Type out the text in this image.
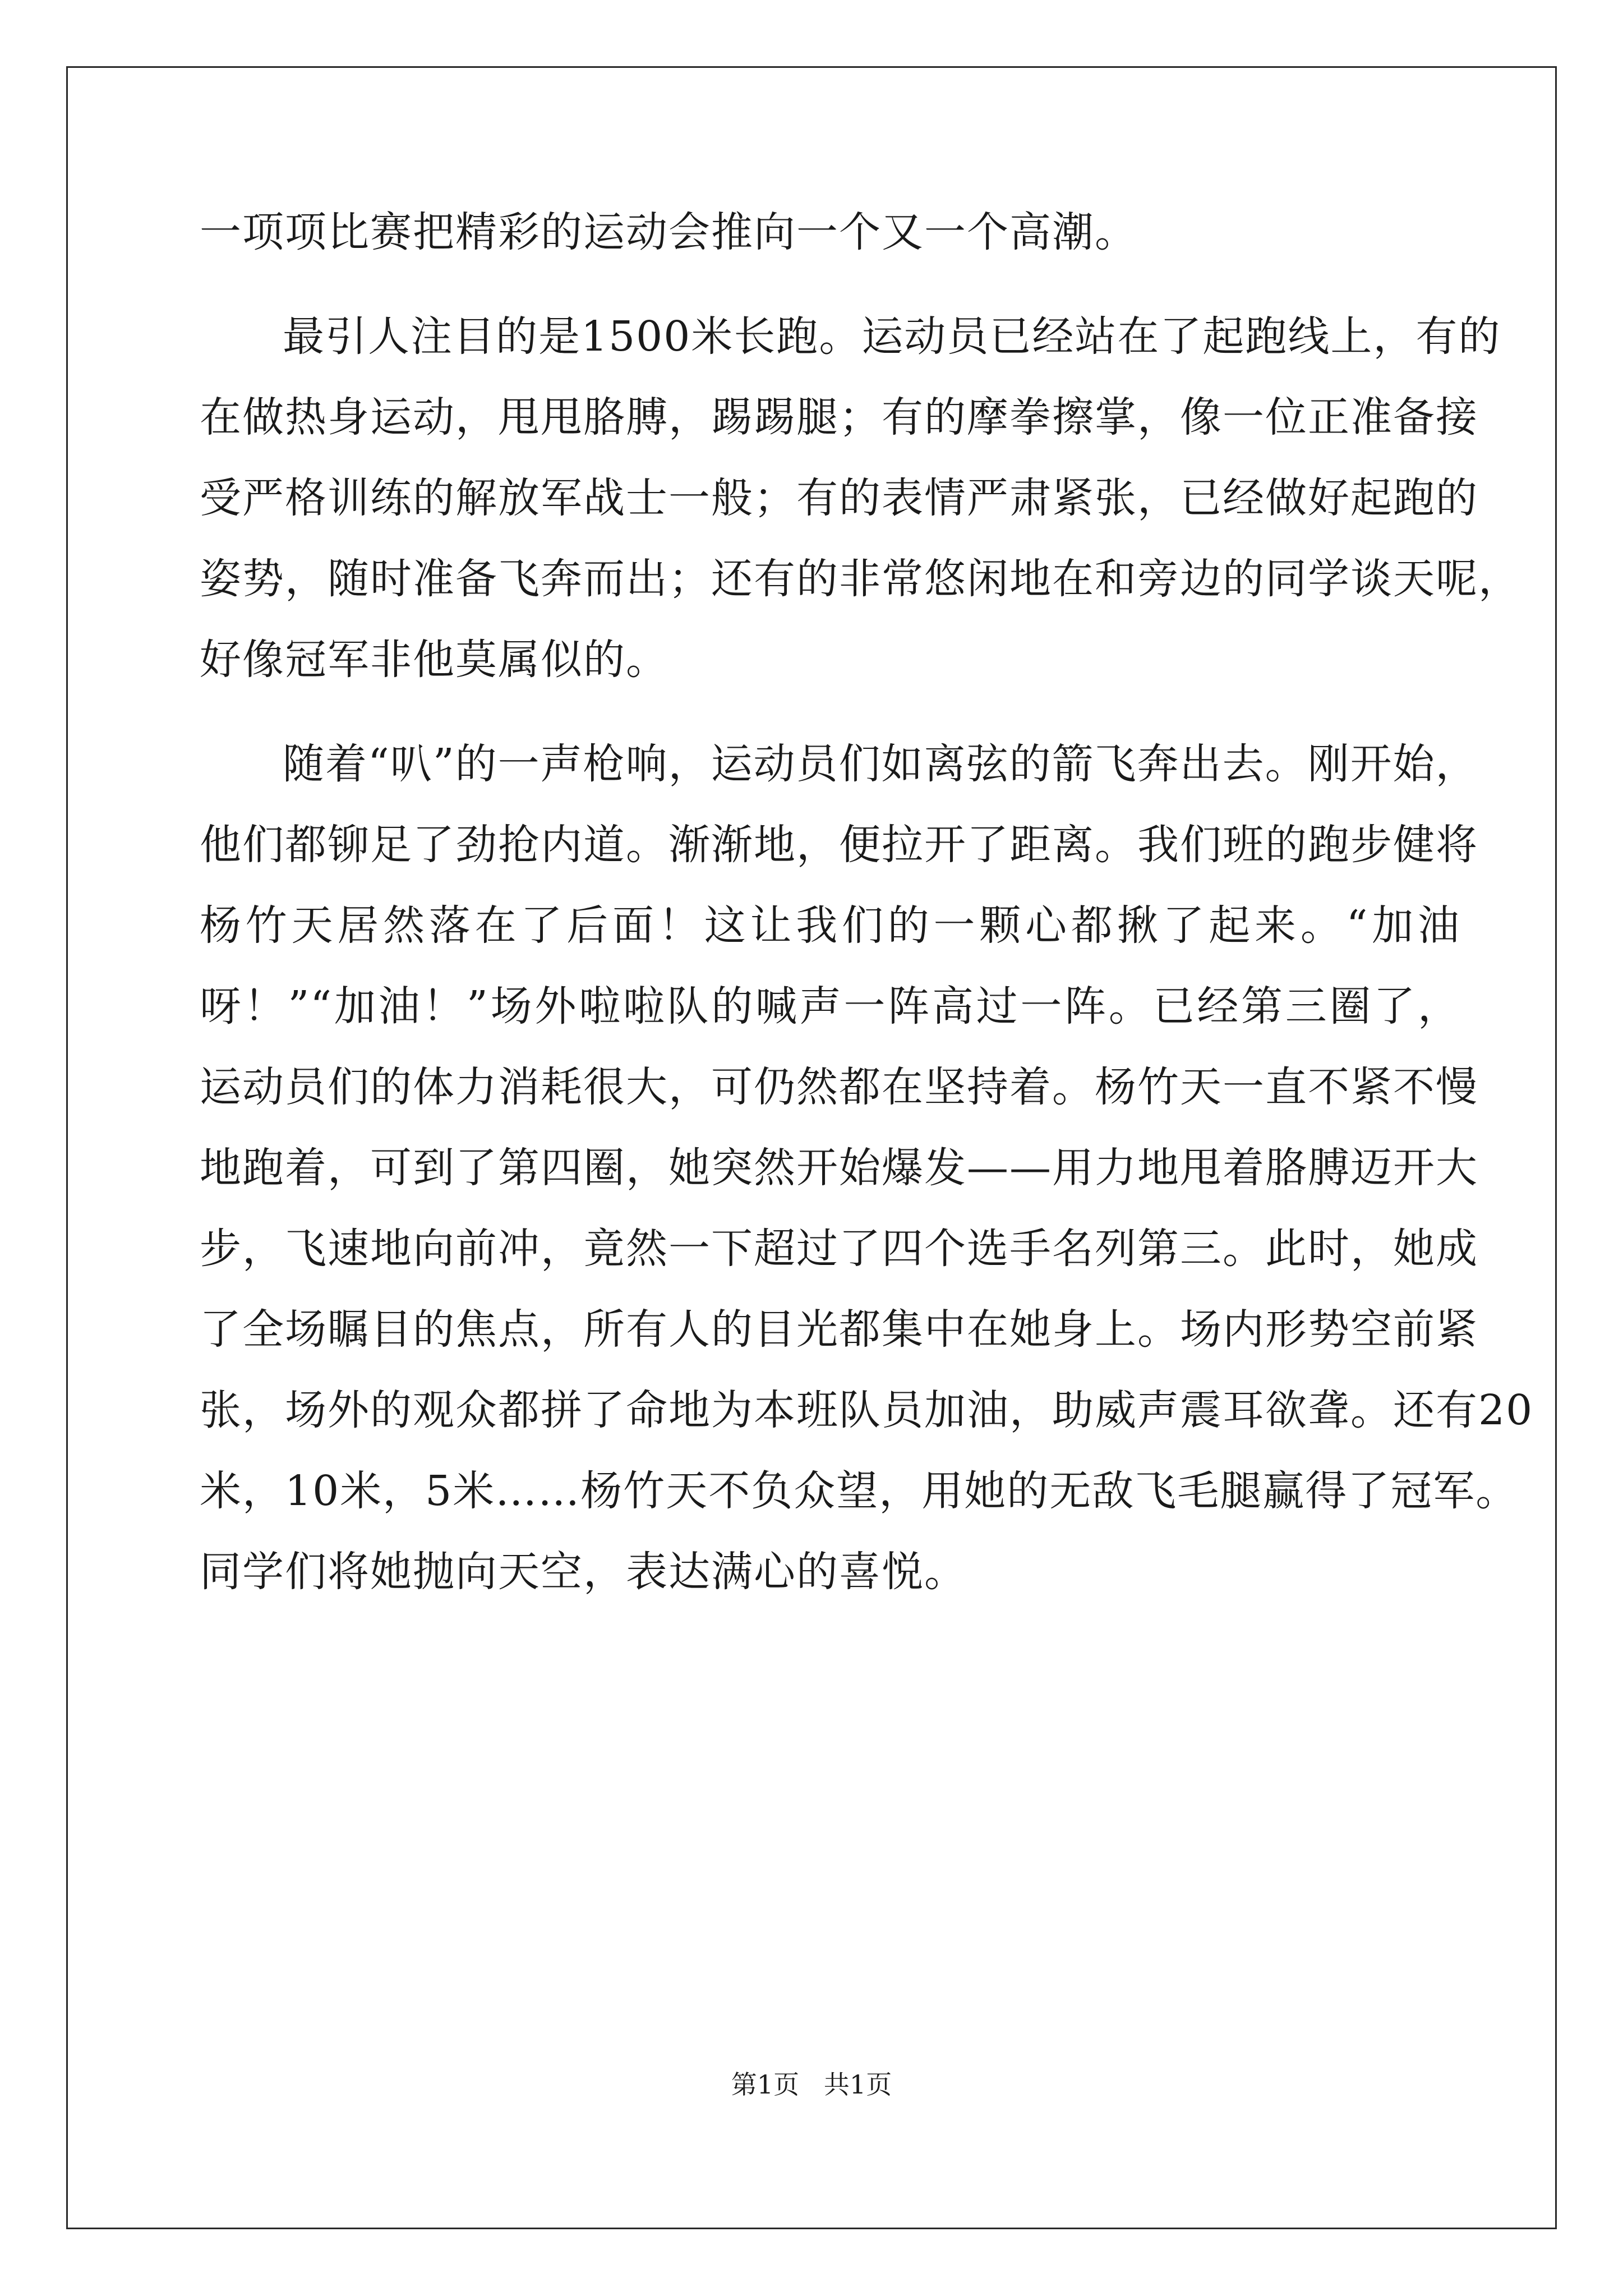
一项项比赛把精彩的运动会推向一个又一个高潮。
最引人注目的是1500米长跑。运动员已经站在了起跑线上，有的
在做热身运动，甩甩胳膊，踢踢腿；有的摩拳擦掌，像一位正准备接
受严格训练的解放军战士一般；有的表情严肃紧张，已经做好起跑的
姿势，随时准备飞奔而出；还有的非常悠闲地在和旁边的同学谈天呢，
好像冠军非他莫属似的。
随着“叭”的一声枪响，运动员们如离弦的箭飞奔出去。刚开始，
他们都铆足了劲抢内道。渐渐地，便拉开了距离。我们班的跑步健将
杨竹天居然落在了后面！这让我们的一颗心都揪了起来。“加油
呀！”“加油！”场外啦啦队的喊声一阵高过一阵。已经第三圈了，
运动员们的体力消耗很大，可仍然都在坚持着。杨竹天一直不紧不慢
地跑着，可到了第四圈，她突然开始爆发——用力地甩着胳膊迈开大
步，飞速地向前冲，竟然一下超过了四个选手名列第三。此时，她成
了全场瞩目的焦点，所有人的目光都集中在她身上。场内形势空前紧
张，场外的观众都拼了命地为本班队员加油，助威声震耳欲聋。还有20
米，10米，5米……杨竹天不负众望，用她的无敌飞毛腿赢得了冠军。
同学们将她抛向天空，表达满心的喜悦。
第1页   共1页
